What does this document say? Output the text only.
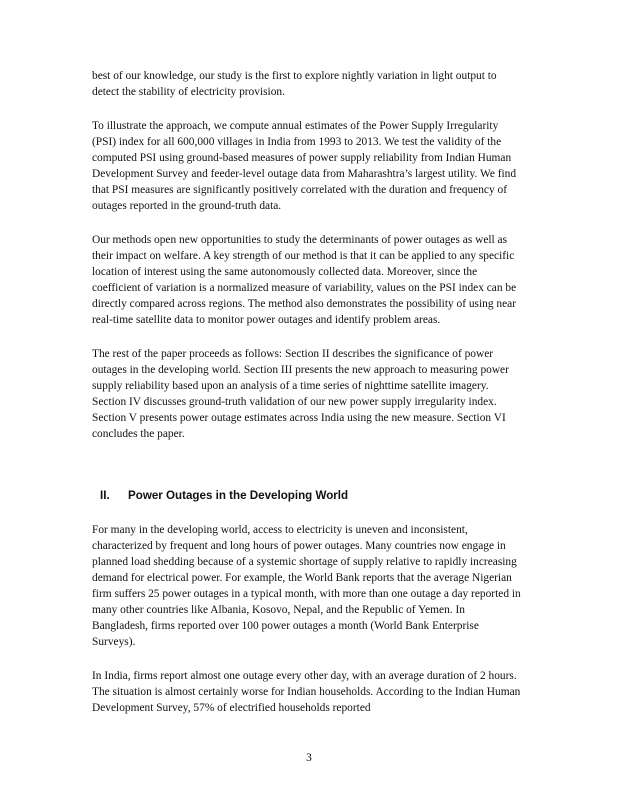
best of our knowledge, our study is the first to explore nightly variation in light output to detect the stability of electricity provision.

To illustrate the approach, we compute annual estimates of the Power Supply Irregularity (PSI) index for all 600,000 villages in India from 1993 to 2013. We test the validity of the computed PSI using ground-based measures of power supply reliability from Indian Human Development Survey and feeder-level outage data from Maharashtra’s largest utility. We find that PSI measures are significantly positively correlated with the duration and frequency of outages reported in the ground-truth data.

Our methods open new opportunities to study the determinants of power outages as well as their impact on welfare. A key strength of our method is that it can be applied to any specific location of interest using the same autonomously collected data. Moreover, since the coefficient of variation is a normalized measure of variability, values on the PSI index can be directly compared across regions. The method also demonstrates the possibility of using near real-time satellite data to monitor power outages and identify problem areas.

The rest of the paper proceeds as follows: Section II describes the significance of power outages in the developing world. Section III presents the new approach to measuring power supply reliability based upon an analysis of a time series of nighttime satellite imagery. Section IV discusses ground-truth validation of our new power supply irregularity index. Section V presents power outage estimates across India using the new measure. Section VI concludes the paper.

II.	Power Outages in the Developing World

For many in the developing world, access to electricity is uneven and inconsistent, characterized by frequent and long hours of power outages. Many countries now engage in planned load shedding because of a systemic shortage of supply relative to rapidly increasing demand for electrical power. For example, the World Bank reports that the average Nigerian firm suffers 25 power outages in a typical month, with more than one outage a day reported in many other countries like Albania, Kosovo, Nepal, and the Republic of Yemen. In Bangladesh, firms reported over 100 power outages a month (World Bank Enterprise Surveys).

In India, firms report almost one outage every other day, with an average duration of 2 hours. The situation is almost certainly worse for Indian households. According to the Indian Human Development Survey, 57% of electrified households reported

3
